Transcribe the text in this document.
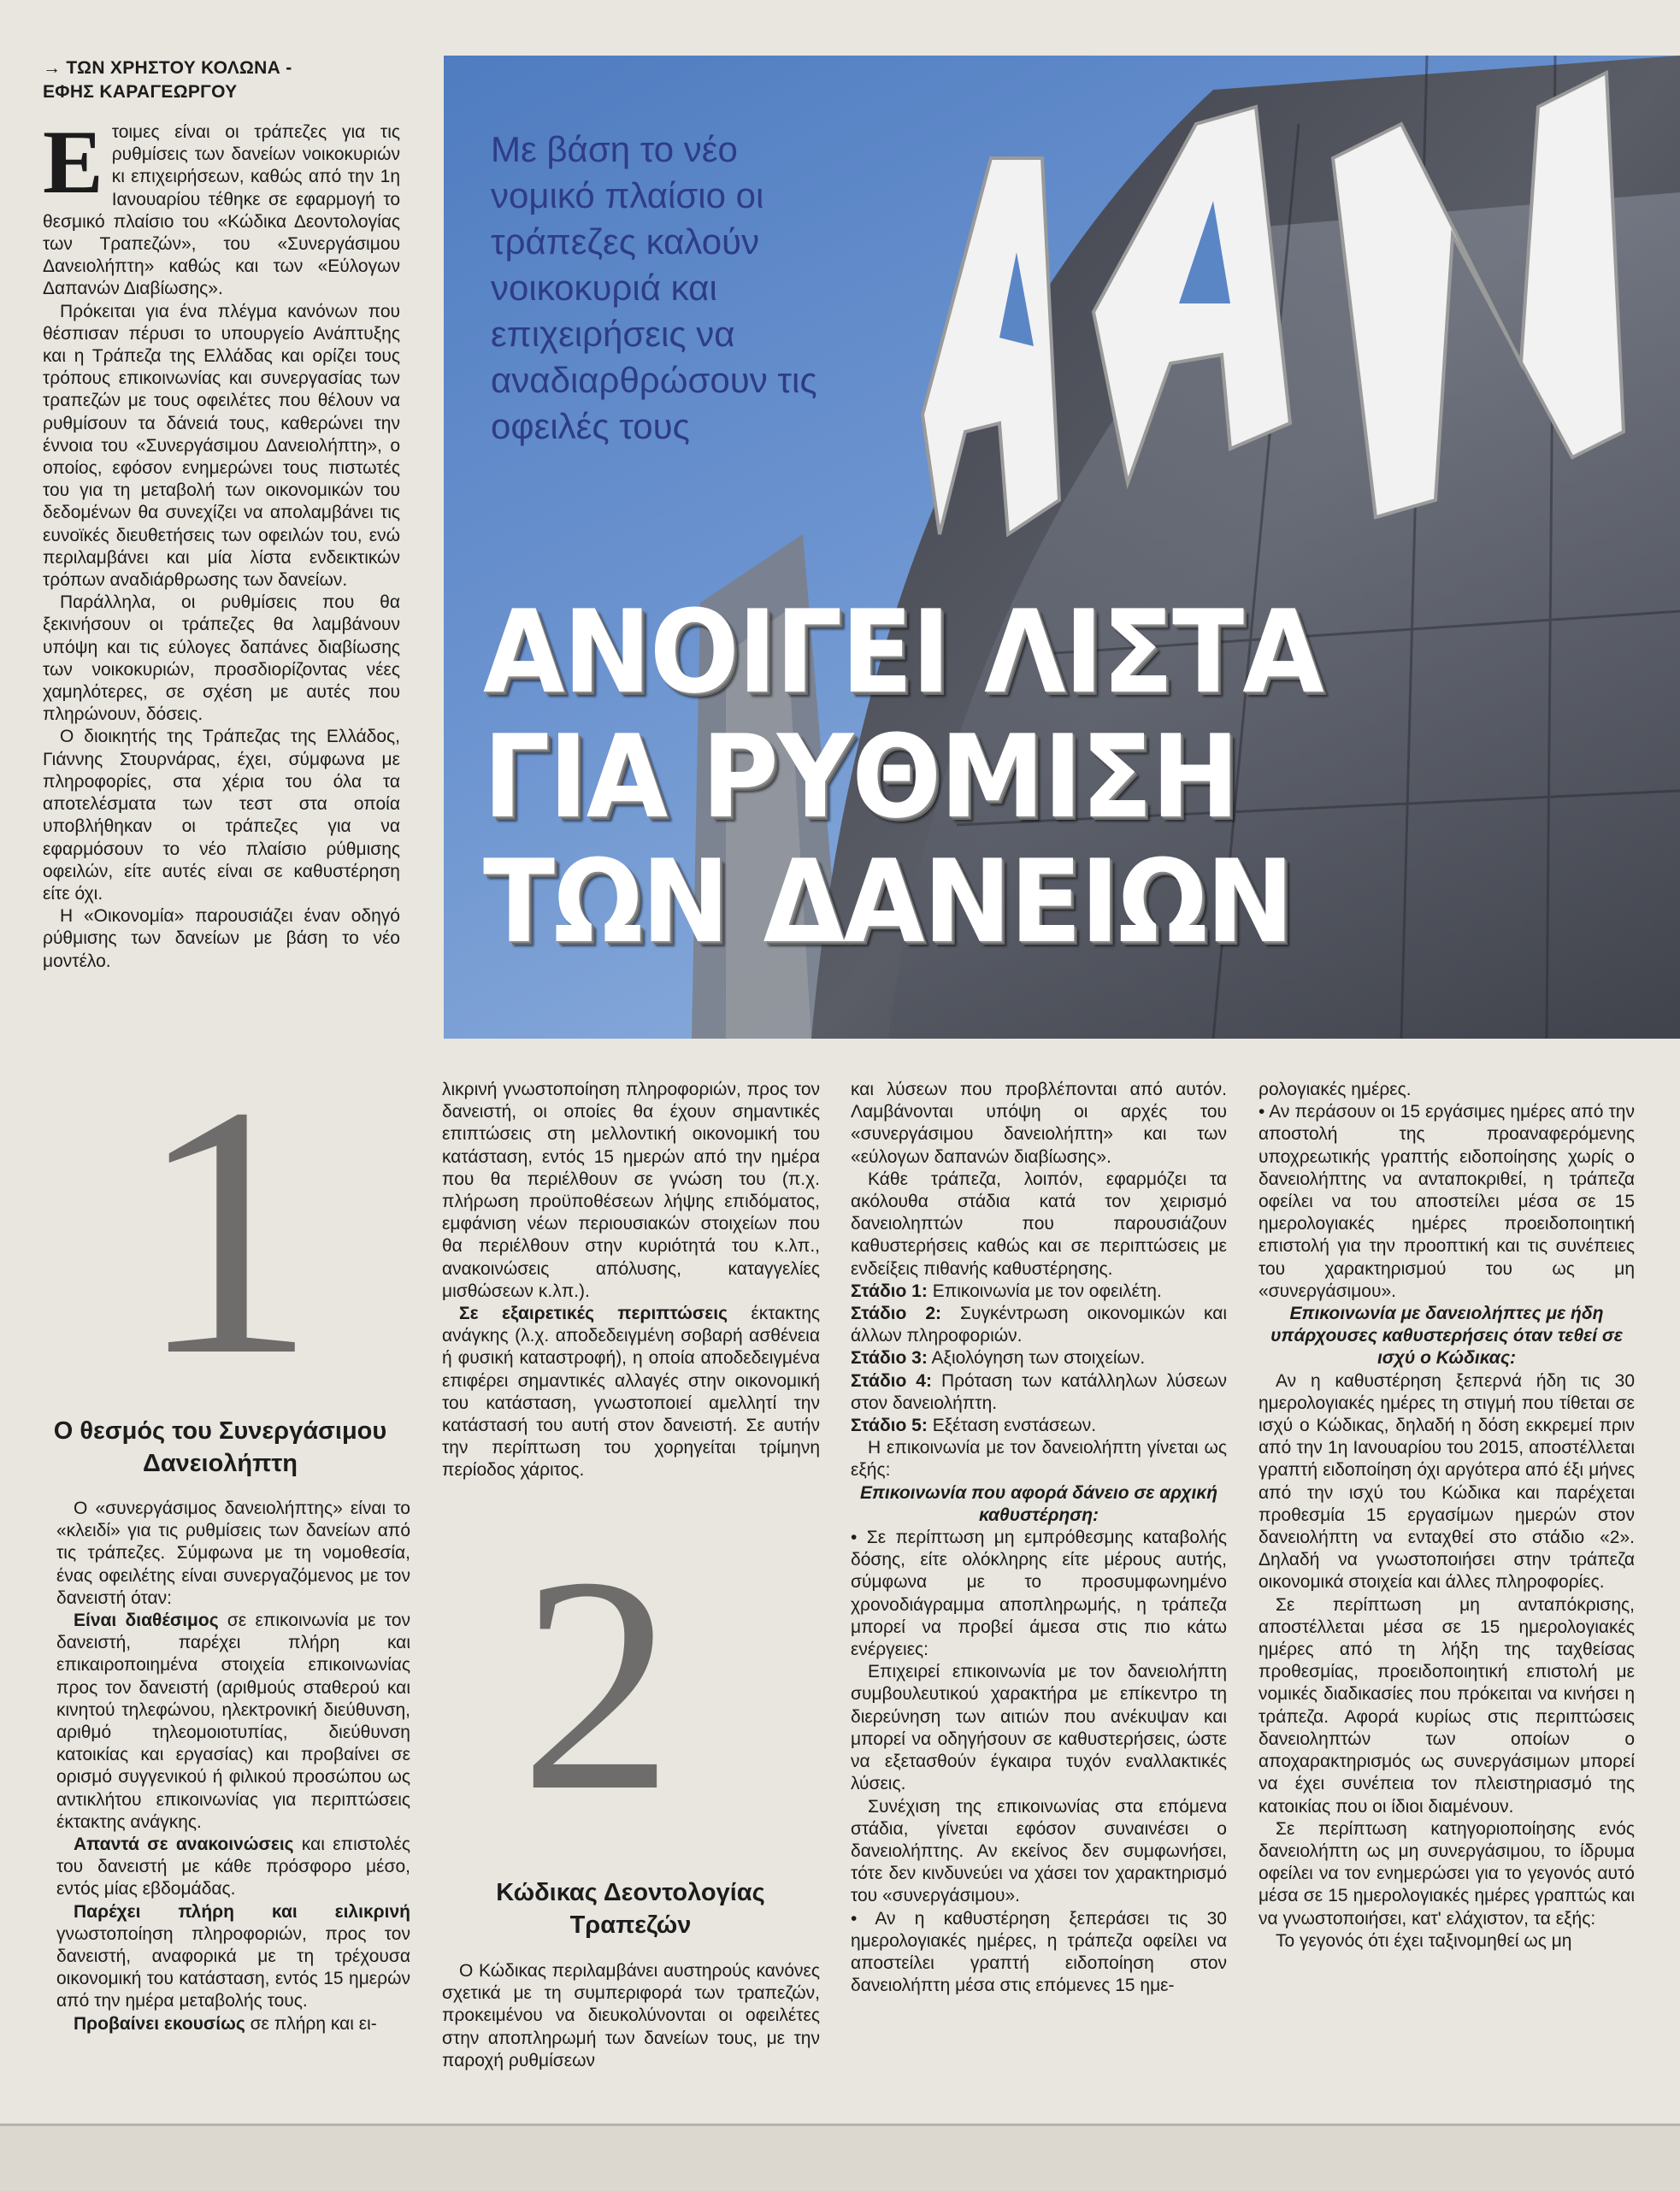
→ ΤΩΝ ΧΡΗΣΤΟΥ ΚΟΛΩΝΑ -
ΕΦΗΣ ΚΑΡΑΓΕΩΡΓΟΥ

Ετοιμες είναι οι τράπεζες για τις ρυθμίσεις των δανείων νοικοκυριών κι επιχειρήσεων, καθώς από την 1η Ιανουαρίου τέθηκε σε εφαρμογή το θεσμικό πλαίσιο του «Κώδικα Δεοντολογίας των Τραπεζών», του «Συνεργάσιμου Δανειολήπτη» καθώς και των «Εύλογων Δαπανών Διαβίωσης».

Πρόκειται για ένα πλέγμα κανόνων που θέσπισαν πέρυσι το υπουργείο Ανάπτυξης και η Τράπεζα της Ελλάδας και ορίζει τους τρόπους επικοινωνίας και συνεργασίας των τραπεζών με τους οφειλέτες που θέλουν να ρυθμίσουν τα δάνειά τους, καθερώνει την έννοια του «Συνεργάσιμου Δανειολήπτη», ο οποίος, εφόσον ενημερώνει τους πιστωτές του για τη μεταβολή των οικονομικών του δεδομένων θα συνεχίζει να απολαμβάνει τις ευνοϊκές διευθετήσεις των οφειλών του, ενώ περιλαμβάνει και μία λίστα ενδεικτικών τρόπων αναδιάρθρωσης των δανείων.

Παράλληλα, οι ρυθμίσεις που θα ξεκινήσουν οι τράπεζες θα λαμβάνουν υπόψη και τις εύλογες δαπάνες διαβίωσης των νοικοκυριών, προσδιορίζοντας νέες χαμηλότερες, σε σχέση με αυτές που πληρώνουν, δόσεις.

Ο διοικητής της Τράπεζας της Ελλάδος, Γιάννης Στουρνάρας, έχει, σύμφωνα με πληροφορίες, στα χέρια του όλα τα αποτελέσματα των τεστ στα οποία υποβλήθηκαν οι τράπεζες για να εφαρμόσουν το νέο πλαίσιο ρύθμισης οφειλών, είτε αυτές είναι σε καθυστέρηση είτε όχι.

Η «Οικονομία» παρουσιάζει έναν οδηγό ρύθμισης των δανείων με βάση το νέο μοντέλο.

Με βάση το νέο νομικό πλαίσιο οι τράπεζες καλούν νοικοκυριά και επιχειρήσεις να αναδιαρθρώσουν τις οφειλές τους
ΑΝΟΙΓΕΙ ΛΙΣΤΑ
ΓΙΑ ΡΥΘΜΙΣΗ
ΤΩΝ ΔΑΝΕΙΩΝ
1
Ο θεσμός του Συνεργάσιμου Δανειολήπτη

Ο «συνεργάσιμος δανειολήπτης» είναι το «κλειδί» για τις ρυθμίσεις των δανείων από τις τράπεζες. Σύμφωνα με τη νομοθεσία, ένας οφειλέτης είναι συνεργαζόμενος με τον δανειστή όταν:

Είναι διαθέσιμος σε επικοινωνία με τον δανειστή, παρέχει πλήρη και επικαιροποιημένα στοιχεία επικοινωνίας προς τον δανειστή (αριθμούς σταθερού και κινητού τηλεφώνου, ηλεκτρονική διεύθυνση, αριθμό τηλεομοιοτυπίας, διεύθυνση κατοικίας και εργασίας) και προβαίνει σε ορισμό συγγενικού ή φιλικού προσώπου ως αντικλήτου επικοινωνίας για περιπτώσεις έκτακτης ανάγκης.

Απαντά σε ανακοινώσεις και επιστολές του δανειστή με κάθε πρόσφορο μέσο, εντός μίας εβδομάδας.

Παρέχει πλήρη και ειλικρινή γνωστοποίηση πληροφοριών, προς τον δανειστή, αναφορικά με τη τρέχουσα οικονομική του κατάσταση, εντός 15 ημερών από την ημέρα μεταβολής τους.

Προβαίνει εκουσίως σε πλήρη και ει-

λικρινή γνωστοποίηση πληροφοριών, προς τον δανειστή, οι οποίες θα έχουν σημαντικές επιπτώσεις στη μελλοντική οικονομική του κατάσταση, εντός 15 ημερών από την ημέρα που θα περιέλθουν σε γνώση του (π.χ. πλήρωση προϋποθέσεων λήψης επιδόματος, εμφάνιση νέων περιουσιακών στοιχείων που θα περιέλθουν στην κυριότητά του κ.λπ., ανακοινώσεις απόλυσης, καταγγελίες μισθώσεων κ.λπ.).

Σε εξαιρετικές περιπτώσεις έκτακτης ανάγκης (λ.χ. αποδεδειγμένη σοβαρή ασθένεια ή φυσική καταστροφή), η οποία αποδεδειγμένα επιφέρει σημαντικές αλλαγές στην οικονομική του κατάσταση, γνωστοποιεί αμελλητί την κατάστασή του αυτή στον δανειστή. Σε αυτήν την περίπτωση του χορηγείται τρίμηνη περίοδος χάριτος.

2
Κώδικας Δεοντολογίας Τραπεζών

Ο Κώδικας περιλαμβάνει αυστηρούς κανόνες σχετικά με τη συμπεριφορά των τραπεζών, προκειμένου να διευκολύνονται οι οφειλέτες στην αποπληρωμή των δανείων τους, με την παροχή ρυθμίσεων

και λύσεων που προβλέπονται από αυτόν. Λαμβάνονται υπόψη οι αρχές του «συνεργάσιμου δανειολήπτη» και των «εύλογων δαπανών διαβίωσης».

Κάθε τράπεζα, λοιπόν, εφαρμόζει τα ακόλουθα στάδια κατά τον χειρισμό δανειοληπτών που παρουσιάζουν καθυστερήσεις καθώς και σε περιπτώσεις με ενδείξεις πιθανής καθυστέρησης.

Στάδιο 1: Επικοινωνία με τον οφειλέτη.

Στάδιο 2: Συγκέντρωση οικονομικών και άλλων πληροφοριών.

Στάδιο 3: Αξιολόγηση των στοιχείων.

Στάδιο 4: Πρόταση των κατάλληλων λύσεων στον δανειολήπτη.

Στάδιο 5: Εξέταση ενστάσεων.

Η επικοινωνία με τον δανειολήπτη γίνεται ως εξής:

Επικοινωνία που αφορά δάνειο σε αρχική καθυστέρηση:

• Σε περίπτωση μη εμπρόθεσμης καταβολής δόσης, είτε ολόκληρης είτε μέρους αυτής, σύμφωνα με το προσυμφωνημένο χρονοδιάγραμμα αποπληρωμής, η τράπεζα μπορεί να προβεί άμεσα στις πιο κάτω ενέργειες:

Επιχειρεί επικοινωνία με τον δανειολήπτη συμβουλευτικού χαρακτήρα με επίκεντρο τη διερεύνηση των αιτιών που ανέκυψαν και μπορεί να οδηγήσουν σε καθυστερήσεις, ώστε να εξετασθούν έγκαιρα τυχόν εναλλακτικές λύσεις.

Συνέχιση της επικοινωνίας στα επόμενα στάδια, γίνεται εφόσον συναινέσει ο δανειολήπτης. Αν εκείνος δεν συμφωνήσει, τότε δεν κινδυνεύει να χάσει τον χαρακτηρισμό του «συνεργάσιμου».

• Αν η καθυστέρηση ξεπεράσει τις 30 ημερολογιακές ημέρες, η τράπεζα οφείλει να αποστείλει γραπτή ειδοποίηση στον δανειολήπτη μέσα στις επόμενες 15 ημε-

ρολογιακές ημέρες.

• Αν περάσουν οι 15 εργάσιμες ημέρες από την αποστολή της προαναφερόμενης υποχρεωτικής γραπτής ειδοποίησης χωρίς ο δανειολήπτης να ανταποκριθεί, η τράπεζα οφείλει να του αποστείλει μέσα σε 15 ημερολογιακές ημέρες προειδοποιητική επιστολή για την προοπτική και τις συνέπειες του χαρακτηρισμού του ως μη «συνεργάσιμου».

Επικοινωνία με δανειολήπτες με ήδη υπάρχουσες καθυστερήσεις όταν τεθεί σε ισχύ ο Κώδικας:

Αν η καθυστέρηση ξεπερνά ήδη τις 30 ημερολογιακές ημέρες τη στιγμή που τίθεται σε ισχύ ο Κώδικας, δηλαδή η δόση εκκρεμεί πριν από την 1η Ιανουαρίου του 2015, αποστέλλεται γραπτή ειδοποίηση όχι αργότερα από έξι μήνες από την ισχύ του Κώδικα και παρέχεται προθεσμία 15 εργασίμων ημερών στον δανειολήπτη να ενταχθεί στο στάδιο «2». Δηλαδή να γνωστοποιήσει στην τράπεζα οικονομικά στοιχεία και άλλες πληροφορίες.

Σε περίπτωση μη ανταπόκρισης, αποστέλλεται μέσα σε 15 ημερολογιακές ημέρες από τη λήξη της ταχθείσας προθεσμίας, προειδοποιητική επιστολή με νομικές διαδικασίες που πρόκειται να κινήσει η τράπεζα. Αφορά κυρίως στις περιπτώσεις δανειοληπτών των οποίων ο αποχαρακτηρισμός ως συνεργάσιμων μπορεί να έχει συνέπεια τον πλειστηριασμό της κατοικίας που οι ίδιοι διαμένουν.

Σε περίπτωση κατηγοριοποίησης ενός δανειολήπτη ως μη συνεργάσιμου, το ίδρυμα οφείλει να τον ενημερώσει για το γεγονός αυτό μέσα σε 15 ημερολογιακές ημέρες γραπτώς και να γνωστοποιήσει, κατ' ελάχιστον, τα εξής:

Το γεγονός ότι έχει ταξινομηθεί ως μη
